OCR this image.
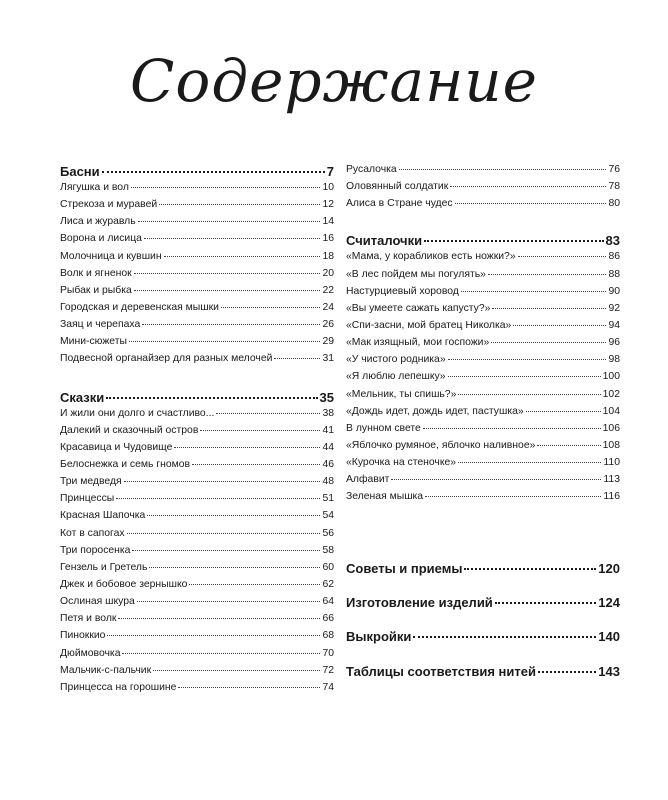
Содержание
Басни	7
Лягушка и вол	10
Стрекоза и муравей	12
Лиса и журавль	14
Ворона и лисица	16
Молочница и кувшин	18
Волк и ягненок	20
Рыбак и рыбка	22
Городская и деревенская мышки	24
Заяц и черепаха	26
Мини-сюжеты	29
Подвесной органайзер для разных мелочей	31
Сказки	35
И жили они долго и счастливо...	38
Далекий и сказочный остров	41
Красавица и Чудовище	44
Белоснежка и семь гномов	46
Три медведя	48
Принцессы	51
Красная Шапочка	54
Кот в сапогах	56
Три поросенка	58
Гензель и Гретель	60
Джек и бобовое зернышко	62
Ослиная шкура	64
Петя и волк	66
Пинoккио	68
Дюймовочка	70
Мальчик-с-пальчик	72
Принцесса на горошине	74
Русалочка	76
Оловянный солдатик	78
Алиса в Стране чудес	80
Считалочки	83
«Мама, у корабликов есть ножки?»	86
«В лес пойдем мы погулять»	88
Настурциевый хоровод	90
«Вы умеете сажать капусту?»	92
«Спи-засни, мой братец Николка»	94
«Мак изящный, мои госпожи»	96
«У чистого родника»	98
«Я люблю лепешку»	100
«Мельник, ты спишь?»	102
«Дождь идет, дождь идет, пастушка»	104
В лунном свете	106
«Яблочко румяное, яблочко наливное»	108
«Курочка на стеночке»	110
Алфавит	113
Зеленая мышка	116
Советы и приемы	120
Изготовление изделий	124
Выкройки	140
Таблицы соответствия нитей	143
